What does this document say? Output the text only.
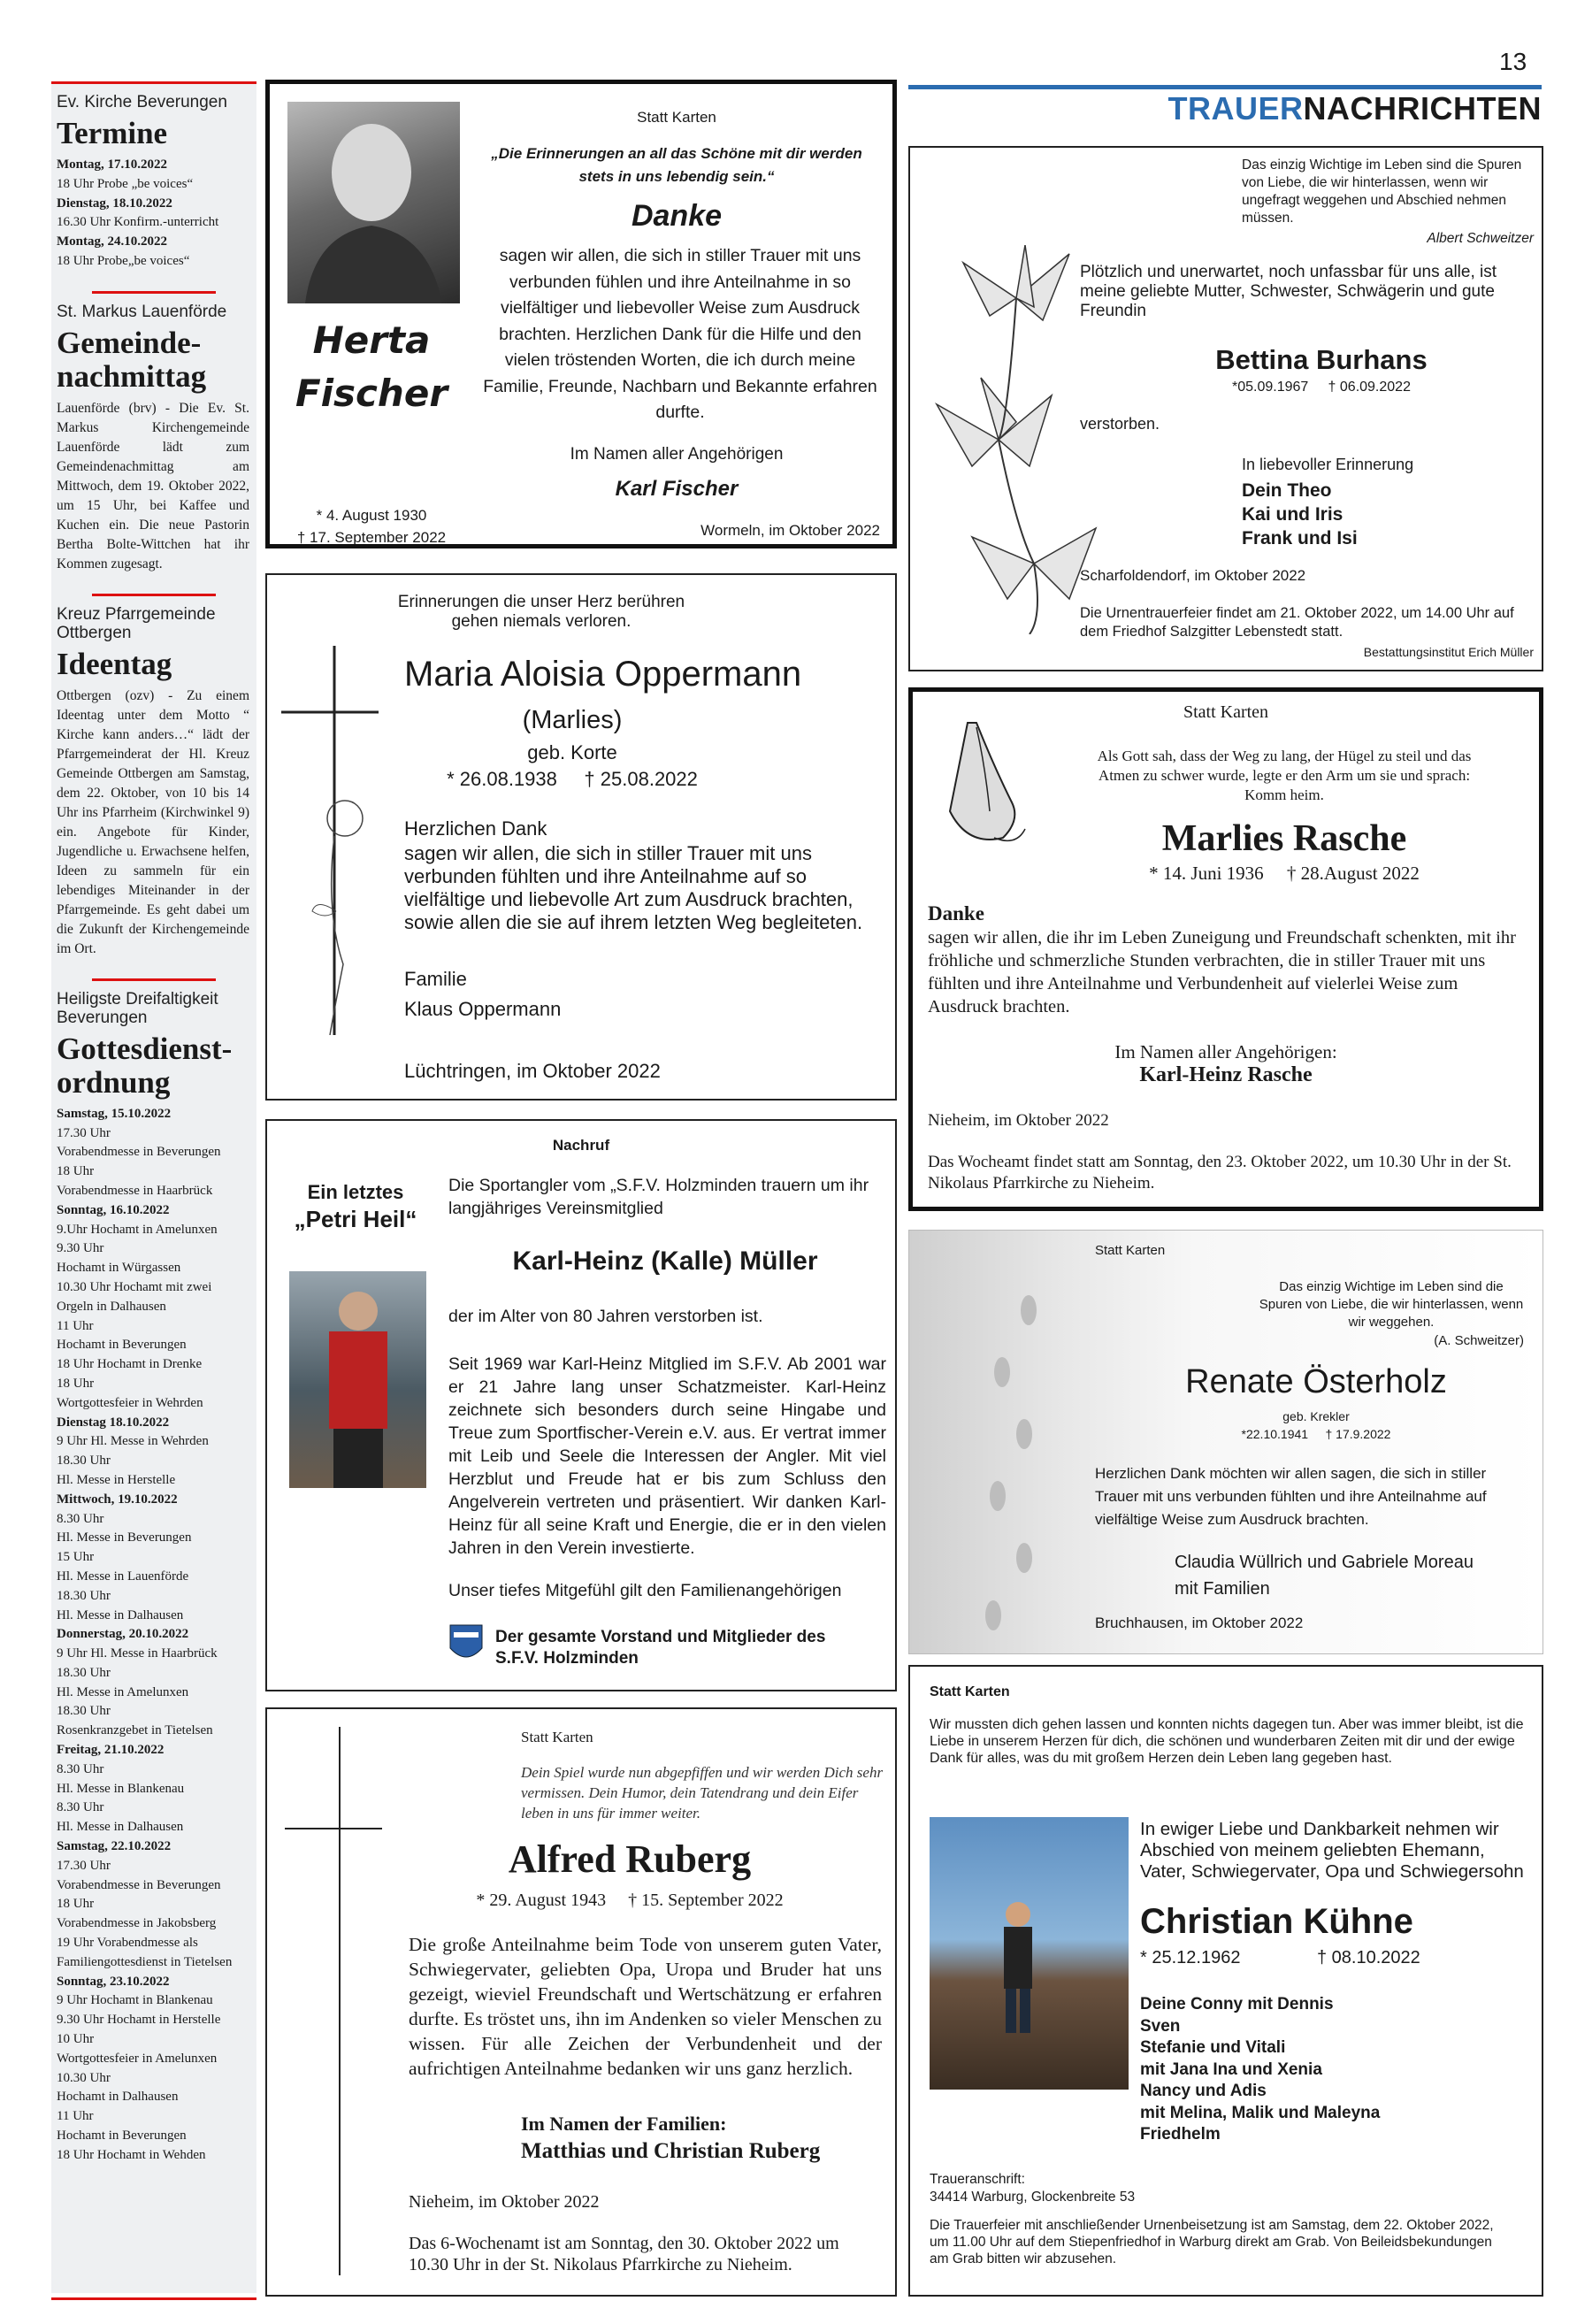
13
TRAUERNACHRICHTEN
Ev. Kirche Beverungen
Termine
Montag, 17.10.2022
18 Uhr Probe „be voices“
Dienstag, 18.10.2022
16.30 Uhr Konfirm.-unterricht
Montag, 24.10.2022
18 Uhr Probe„be voices“
St. Markus Lauenförde
Gemeinde-nachmittag
Lauenförde (brv) - Die Ev. St. Markus Kirchengemeinde Lauenförde lädt zum Gemeindenachmittag am Mittwoch, dem 19. Oktober 2022, um 15 Uhr, bei Kaffee und Kuchen ein. Die neue Pastorin Bertha Bolte-Wittchen hat ihr Kommen zugesagt.
Kreuz Pfarrgemeinde Ottbergen
Ideentag
Ottbergen (ozv) - Zu einem Ideentag unter dem Motto “ Kirche kann anders…“ lädt der Pfarrgemeinderat der Hl. Kreuz Gemeinde Ottbergen am Samstag, dem 22. Oktober, von 10 bis 14 Uhr ins Pfarrheim (Kirchwinkel 9) ein. Angebote für Kinder, Jugendliche u. Erwachsene helfen, Ideen zu sammeln für ein lebendiges Miteinander in der Pfarrgemeinde. Es geht dabei um die Zukunft der Kirchengemeinde im Ort.
Heiligste Dreifaltigkeit Beverungen
Gottesdienst-ordnung
Samstag, 15.10.2022
17.30 Uhr
Vorabendmesse in Beverungen
18 Uhr
Vorabendmesse in Haarbrück
Sonntag, 16.10.2022
9.Uhr Hochamt in Amelunxen
9.30 Uhr
Hochamt in Würgassen
10.30 Uhr Hochamt mit zwei
Orgeln in Dalhausen
11 Uhr
Hochamt in Beverungen
18 Uhr Hochamt in Drenke
18 Uhr
Wortgottesfeier in Wehrden
Dienstag 18.10.2022
9 Uhr Hl. Messe in Wehrden
18.30 Uhr
Hl. Messe in Herstelle
Mittwoch, 19.10.2022
8.30 Uhr
Hl. Messe in Beverungen
15 Uhr
Hl. Messe in Lauenförde
18.30 Uhr
Hl. Messe in Dalhausen
Donnerstag, 20.10.2022
9 Uhr Hl. Messe in Haarbrück
18.30 Uhr
Hl. Messe in Amelunxen
18.30 Uhr
Rosenkranzgebet in Tietelsen
Freitag, 21.10.2022
8.30 Uhr
Hl. Messe in Blankenau
8.30 Uhr
Hl. Messe in Dalhausen
Samstag, 22.10.2022
17.30 Uhr
Vorabendmesse in Beverungen
18 Uhr
Vorabendmesse in Jakobsberg
19 Uhr Vorabendmesse als Familiengottesdienst in Tietelsen
Sonntag, 23.10.2022
9 Uhr Hochamt in Blankenau
9.30 Uhr Hochamt in Herstelle
10 Uhr
Wortgottesfeier in Amelunxen
10.30 Uhr
Hochamt in Dalhausen
11 Uhr
Hochamt in Beverungen
18 Uhr Hochamt in Wehden
Herta
Fischer
* 4. August 1930
† 17. September 2022
Statt Karten
„Die Erinnerungen an all das Schöne mit dir werden stets in uns lebendig sein.“
Danke
sagen wir allen, die sich in stiller Trauer mit uns verbunden fühlen und ihre Anteilnahme in so vielfältiger und liebevoller Weise zum Ausdruck brachten. Herzlichen Dank für die Hilfe und den vielen tröstenden Worten, die ich durch meine Familie, Freunde, Nachbarn und Bekannte erfahren durfte.
Im Namen aller Angehörigen
Karl Fischer
Wormeln, im Oktober 2022
Erinnerungen die unser Herz berühren gehen niemals verloren.
Maria Aloisia Oppermann
(Marlies)
geb. Korte
* 26.08.1938     † 25.08.2022
Herzlichen Dank
sagen wir allen, die sich in stiller Trauer mit uns verbunden fühlten und ihre Anteilnahme auf so vielfältige und liebevolle Art zum Ausdruck brachten, sowie allen die sie auf ihrem letzten Weg begleiteten.
Familie
Klaus Oppermann
Lüchtringen, im Oktober 2022
Nachruf
Ein letztes
„Petri Heil“
Die Sportangler vom „S.F.V. Holzminden trauern um ihr langjähriges Vereinsmitglied
Karl-Heinz (Kalle) Müller
der im Alter von 80 Jahren verstorben ist.
Seit 1969 war Karl-Heinz Mitglied im S.F.V. Ab 2001 war er 21 Jahre lang unser Schatzmeister. Karl-Heinz zeichnete sich besonders durch seine Hingabe und Treue zum Sportfischer-Verein e.V. aus. Er vertrat immer mit Leib und Seele die Interessen der Angler. Mit viel Herzblut und Freude hat er bis zum Schluss den Angelverein vertreten und präsentiert. Wir danken Karl-Heinz für all seine Kraft und Energie, die er in den vielen Jahren in den Verein investierte.
Unser tiefes Mitgefühl gilt den Familienangehörigen
Der gesamte Vorstand und Mitglieder des S.F.V. Holzminden
Statt Karten
Dein Spiel wurde nun abgepfiffen und wir werden Dich sehr vermissen. Dein Humor, dein Tatendrang und dein Eifer leben in uns für immer weiter.
Alfred Ruberg
* 29. August 1943     † 15. September 2022
Die große Anteilnahme beim Tode von unserem guten Vater, Schwiegervater, geliebten Opa, Uropa und Bruder hat uns gezeigt, wieviel Freundschaft und Wertschätzung er erfahren durfte. Es tröstet uns, ihn im Andenken so vieler Menschen zu wissen. Für alle Zeichen der Verbundenheit und der aufrichtigen Anteilnahme bedanken wir uns ganz herzlich.
Im Namen der Familien:
Matthias und Christian Ruberg
Nieheim, im Oktober 2022
Das 6-Wochenamt ist am Sonntag, den 30. Oktober 2022 um 10.30 Uhr in der St. Nikolaus Pfarrkirche zu Nieheim.
Das einzig Wichtige im Leben sind die Spuren von Liebe, die wir hinterlassen, wenn wir ungefragt weggehen und Abschied nehmen müssen.
Albert Schweitzer
Plötzlich und unerwartet, noch unfassbar für uns alle, ist meine geliebte Mutter, Schwester, Schwägerin und gute Freundin
Bettina Burhans
*05.09.1967     † 06.09.2022
verstorben.
In liebevoller Erinnerung
Dein Theo
Kai und Iris
Frank und Isi
Scharfoldendorf, im Oktober 2022
Die Urnentrauerfeier findet am 21. Oktober 2022, um 14.00 Uhr auf dem Friedhof Salzgitter Lebenstedt statt.
Bestattungsinstitut Erich Müller
Statt Karten
Als Gott sah, dass der Weg zu lang, der Hügel zu steil und das Atmen zu schwer wurde, legte er den Arm um sie und sprach: Komm heim.
Marlies Rasche
* 14. Juni 1936     † 28.August 2022
Danke
sagen wir allen, die ihr im Leben Zuneigung und Freundschaft schenkten, mit ihr fröhliche und schmerzliche Stunden verbrachten, die in stiller Trauer mit uns fühlten und ihre Anteilnahme und Verbundenheit auf vielerlei Weise zum Ausdruck brachten.
Im Namen aller Angehörigen:
Karl-Heinz Rasche
Nieheim, im Oktober 2022
Das Wocheamt findet statt am Sonntag, den 23. Oktober 2022, um 10.30 Uhr in der St. Nikolaus Pfarrkirche zu Nieheim.
Statt Karten
Das einzig Wichtige im Leben sind die Spuren von Liebe, die wir hinterlassen, wenn wir weggehen.
(A. Schweitzer)
Renate Österholz
geb. Krekler
*22.10.1941     † 17.9.2022
Herzlichen Dank möchten wir allen sagen, die sich in stiller Trauer mit uns verbunden fühlten und ihre Anteilnahme auf vielfältige Weise zum Ausdruck brachten.
Claudia Wüllrich und Gabriele Moreau
mit Familien
Bruchhausen, im Oktober 2022
Statt Karten
Wir mussten dich gehen lassen und konnten nichts dagegen tun. Aber was immer bleibt, ist die Liebe in unserem Herzen für dich, die schönen und wunderbaren Zeiten mit dir und der ewige Dank für alles, was du mit großem Herzen dein Leben lang gegeben hast.
In ewiger Liebe und Dankbarkeit nehmen wir Abschied von meinem geliebten Ehemann, Vater, Schwiegervater, Opa und Schwiegersohn
Christian Kühne
* 25.12.1962	† 08.10.2022
Deine Conny mit Dennis
Sven
Stefanie und Vitali
mit Jana Ina und Xenia
Nancy und Adis
mit Melina, Malik und Maleyna
Friedhelm
Traueranschrift:
34414 Warburg, Glockenbreite 53
Die Trauerfeier mit anschließender Urnenbeisetzung ist am Samstag, dem 22. Oktober 2022, um 11.00 Uhr auf dem Stiepenfriedhof in Warburg direkt am Grab. Von Beileidsbekundungen am Grab bitten wir abzusehen.
